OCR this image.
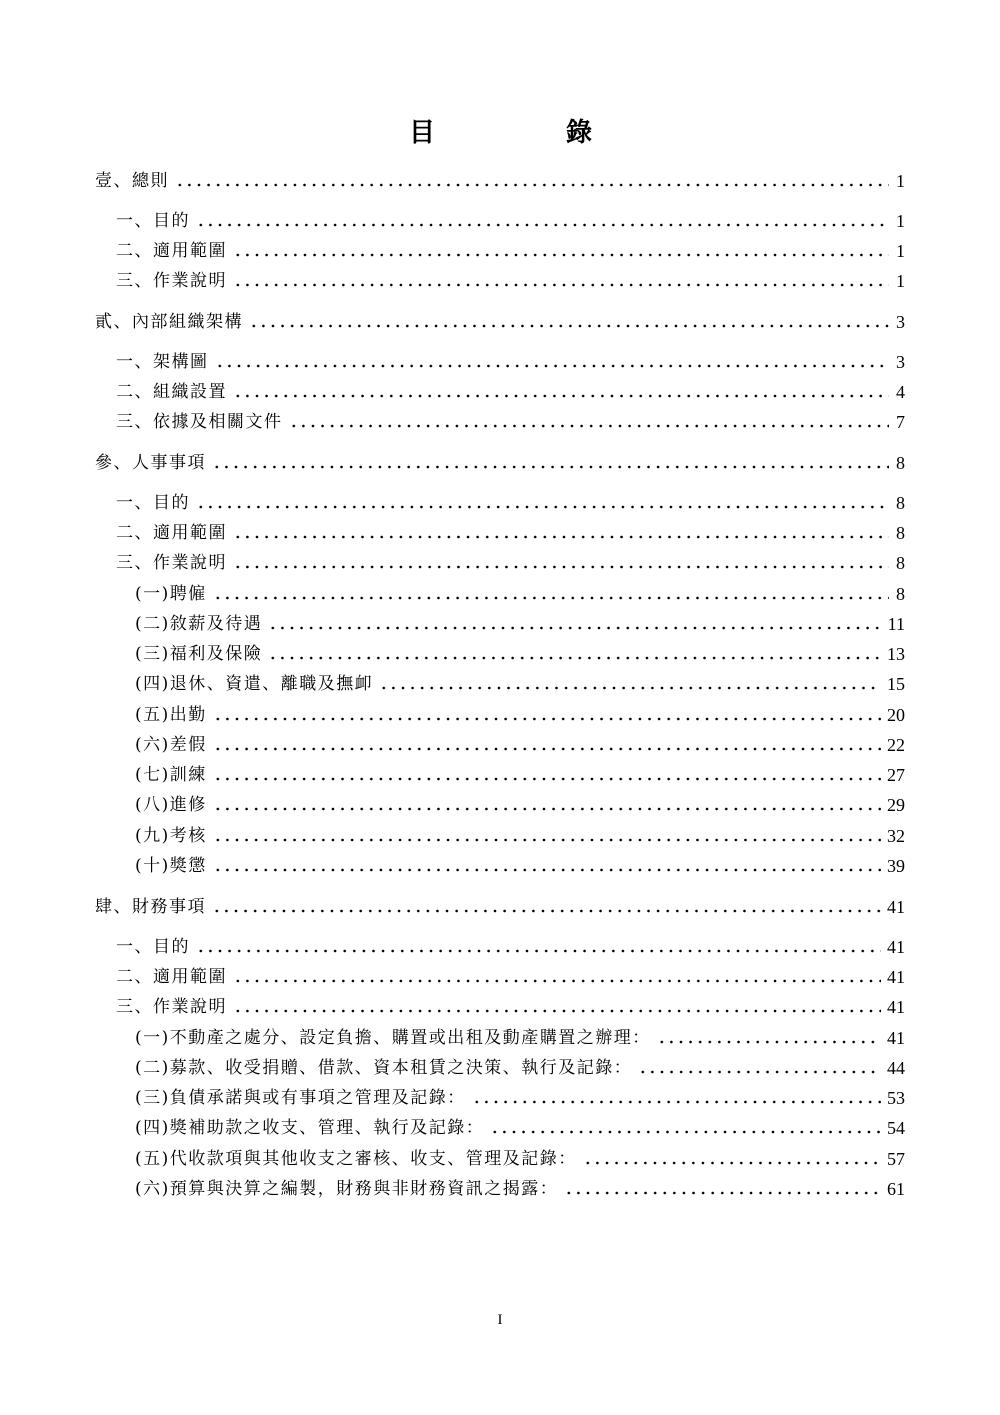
目	錄
壹、總則	1
一、目的	1
二、適用範圍	1
三、作業說明	1
貳、內部組織架構	3
一、架構圖	3
二、組織設置	4
三、依據及相關文件	7
參、人事事項	8
一、目的	8
二、適用範圍	8
三、作業說明	8
(一)聘僱	8
(二)敘薪及待遇	11
(三)福利及保險	13
(四)退休、資遣、離職及撫卹	15
(五)出勤	20
(六)差假	22
(七)訓練	27
(八)進修	29
(九)考核	32
(十)獎懲	39
肆、財務事項	41
一、目的	41
二、適用範圍	41
三、作業說明	41
(一)不動產之處分、設定負擔、購置或出租及動產購置之辦理：	41
(二)募款、收受捐贈、借款、資本租賃之決策、執行及記錄：	44
(三)負債承諾與或有事項之管理及記錄：	53
(四)獎補助款之收支、管理、執行及記錄：	54
(五)代收款項與其他收支之審核、收支、管理及記錄：	57
(六)預算與決算之編製，財務與非財務資訊之揭露：	61
I
